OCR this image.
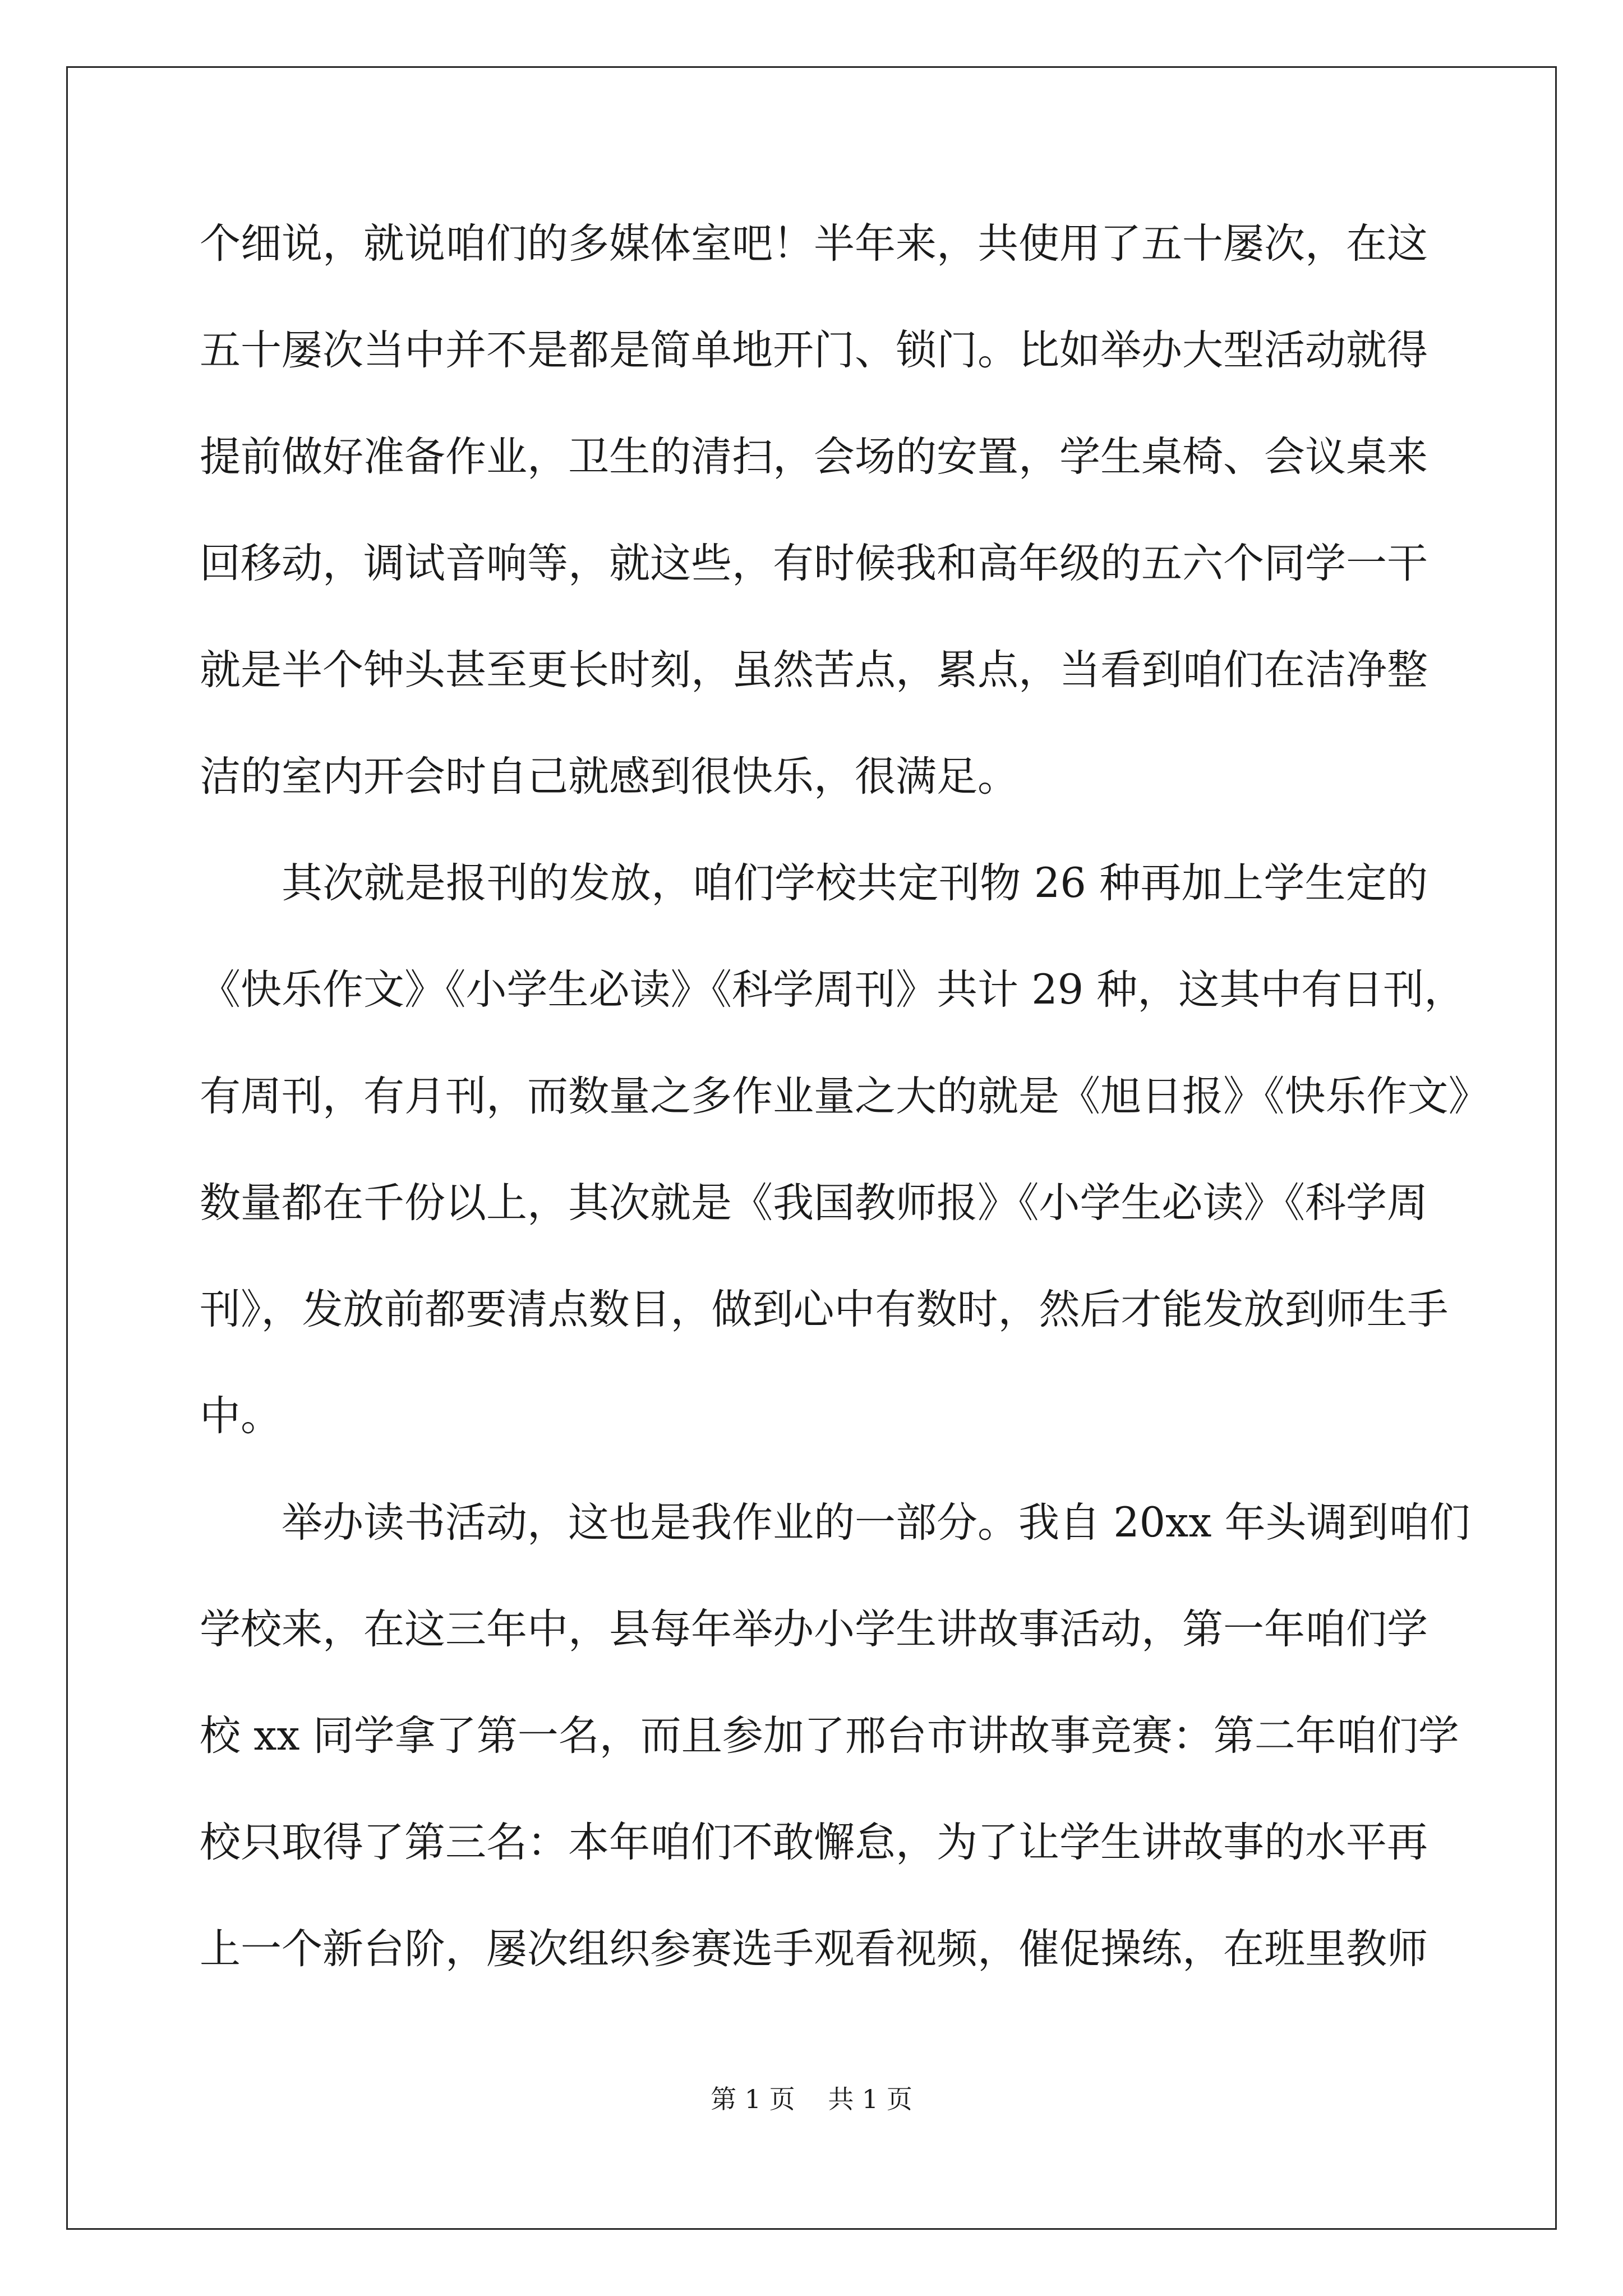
个细说，就说咱们的多媒体室吧！半年来，共使用了五十屡次，在这
五十屡次当中并不是都是简单地开门、锁门。比如举办大型活动就得
提前做好准备作业，卫生的清扫，会场的安置，学生桌椅、会议桌来
回移动，调试音响等，就这些，有时候我和高年级的五六个同学一干
就是半个钟头甚至更长时刻，虽然苦点，累点，当看到咱们在洁净整
洁的室内开会时自己就感到很快乐，很满足。
其次就是报刊的发放，咱们学校共定刊物 26 种再加上学生定的
《快乐作文》《小学生必读》《科学周刊》共计 29 种，这其中有日刊，
有周刊，有月刊，而数量之多作业量之大的就是《旭日报》《快乐作文》
数量都在千份以上，其次就是《我国教师报》《小学生必读》《科学周
刊》，发放前都要清点数目，做到心中有数时，然后才能发放到师生手
中。
举办读书活动，这也是我作业的一部分。我自 20xx 年头调到咱们
学校来，在这三年中，县每年举办小学生讲故事活动，第一年咱们学
校 xx 同学拿了第一名，而且参加了邢台市讲故事竞赛：第二年咱们学
校只取得了第三名：本年咱们不敢懈怠，为了让学生讲故事的水平再
上一个新台阶，屡次组织参赛选手观看视频，催促操练，在班里教师
第 1 页 共 1 页
